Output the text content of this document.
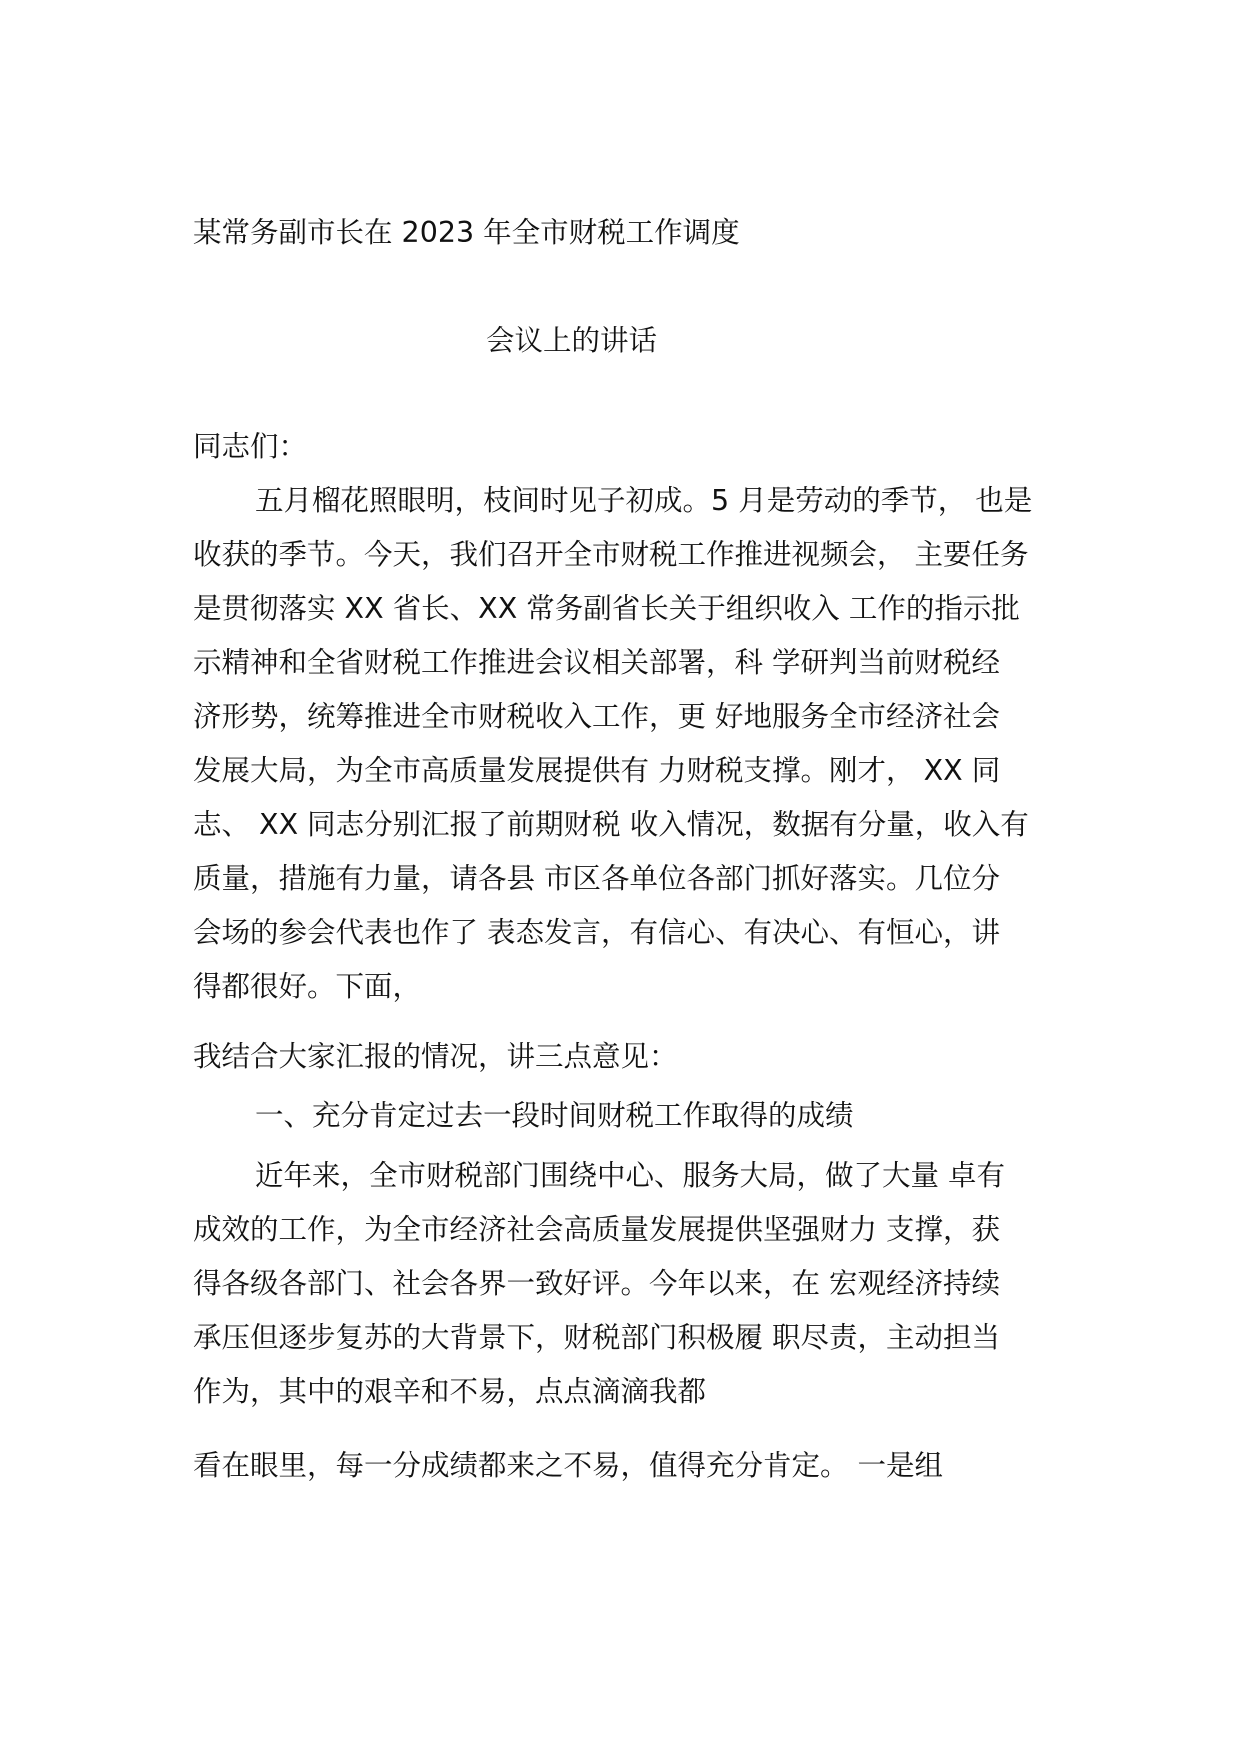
某常务副市长在 2023 年全市财税工作调度
会议上的讲话
同志们：
五月榴花照眼明，枝间时见子初成。5 月是劳动的季节， 也是
收获的季节。今天，我们召开全市财税工作推进视频会， 主要任务
是贯彻落实 XX 省长、XX 常务副省长关于组织收入 工作的指示批
示精神和全省财税工作推进会议相关部署，科 学研判当前财税经
济形势，统筹推进全市财税收入工作，更 好地服务全市经济社会
发展大局，为全市高质量发展提供有 力财税支撑。刚才， XX 同
志、 XX 同志分别汇报了前期财税 收入情况，数据有分量，收入有
质量，措施有力量，请各县 市区各单位各部门抓好落实。几位分
会场的参会代表也作了 表态发言，有信心、有决心、有恒心，讲
得都很好。下面，
我结合大家汇报的情况，讲三点意见：
一、充分肯定过去一段时间财税工作取得的成绩
近年来，全市财税部门围绕中心、服务大局，做了大量 卓有
成效的工作，为全市经济社会高质量发展提供坚强财力 支撑，获
得各级各部门、社会各界一致好评。今年以来，在 宏观经济持续
承压但逐步复苏的大背景下，财税部门积极履 职尽责，主动担当
作为，其中的艰辛和不易，点点滴滴我都
看在眼里，每一分成绩都来之不易，值得充分肯定。 一是组
